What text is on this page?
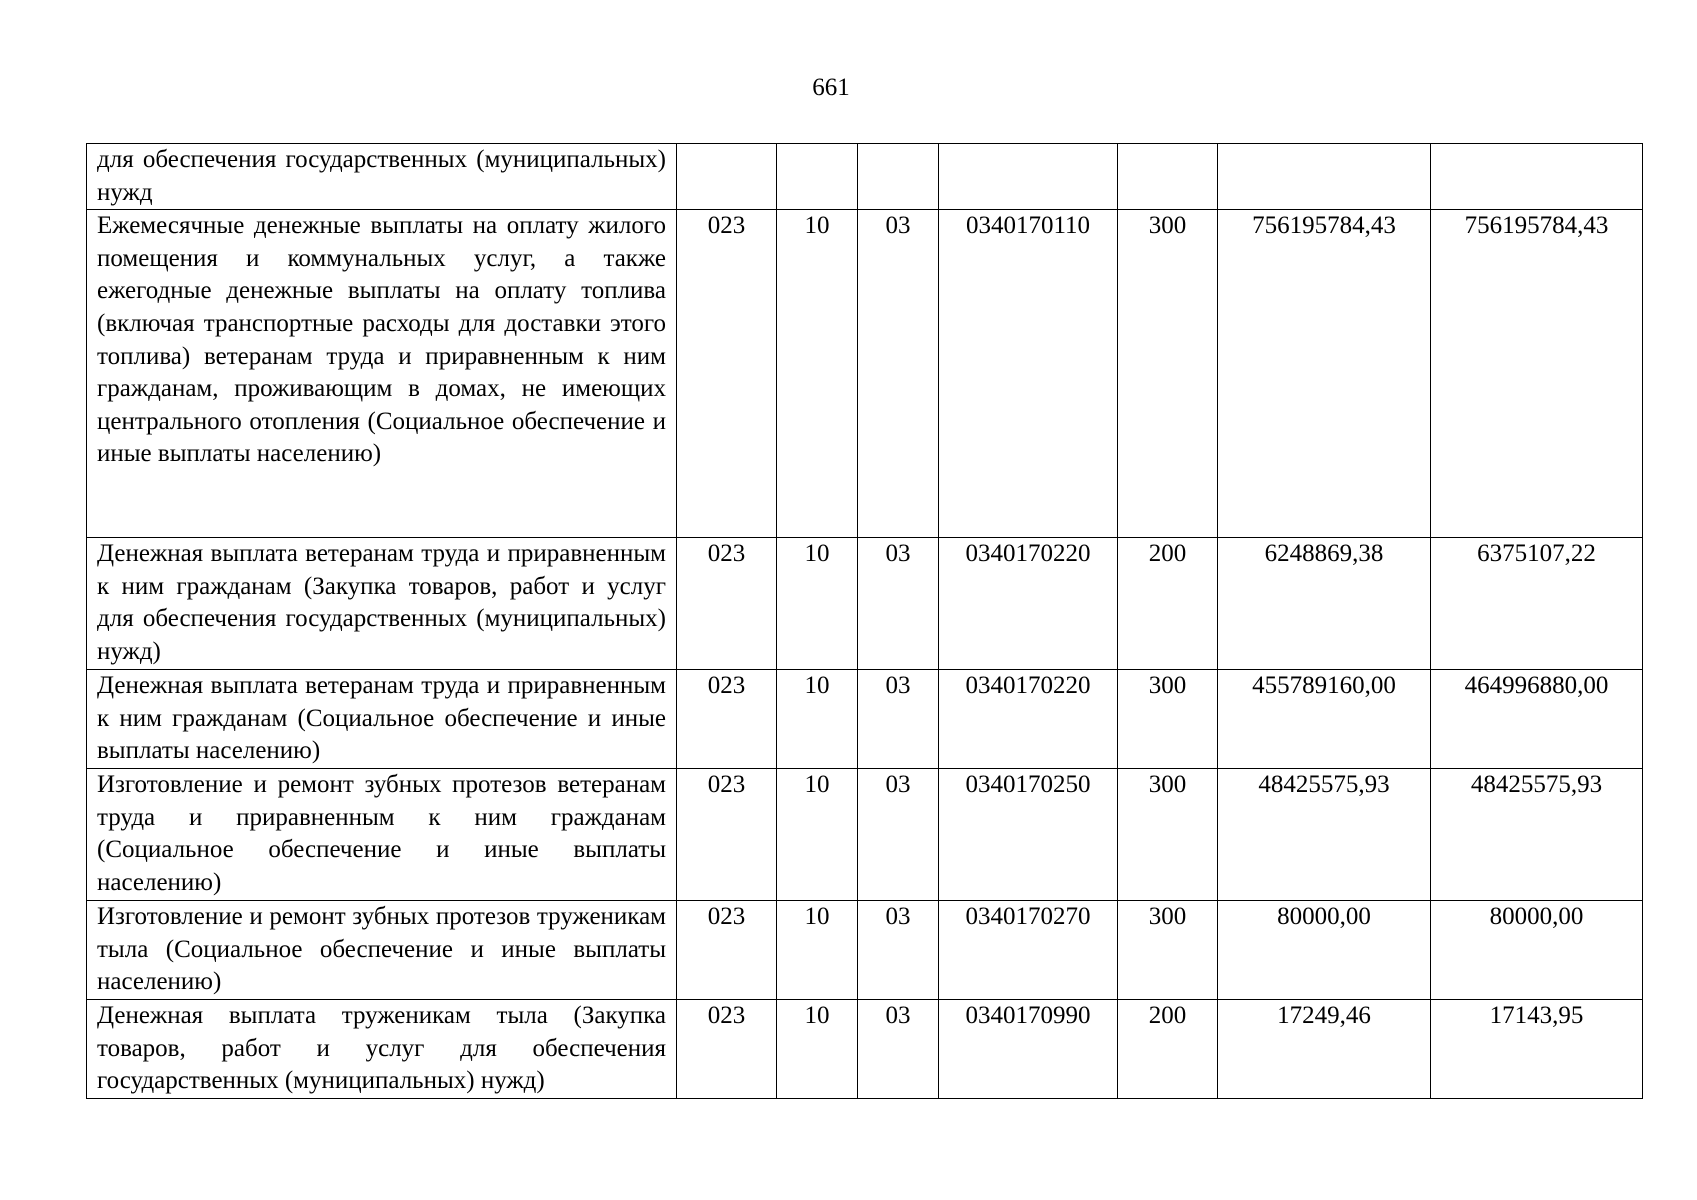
661
для обеспечения государственных (муниципальных) нужд							
Ежемесячные денежные выплаты на оплату жилого помещения и коммунальных услуг, а также ежегодные денежные выплаты на оплату топлива (включая транспортные расходы для доставки этого топлива) ветеранам труда и приравненным к ним гражданам, проживающим в домах, не имеющих центрального отопления (Социальное обеспечение и иные выплаты населению)	023	10	03	0340170110	300	756195784,43	756195784,43
Денежная выплата ветеранам труда и приравненным к ним гражданам (Закупка товаров, работ и услуг для обеспечения государственных (муниципальных) нужд)	023	10	03	0340170220	200	6248869,38	6375107,22
Денежная выплата ветеранам труда и приравненным к ним гражданам (Социальное обеспечение и иные выплаты населению)	023	10	03	0340170220	300	455789160,00	464996880,00
Изготовление и ремонт зубных протезов ветеранам труда и приравненным к ним гражданам (Социальное обеспечение и иные выплаты населению)	023	10	03	0340170250	300	48425575,93	48425575,93
Изготовление и ремонт зубных протезов труженикам тыла (Социальное обеспечение и иные выплаты населению)	023	10	03	0340170270	300	80000,00	80000,00
Денежная выплата труженикам тыла (Закупка товаров, работ и услуг для обеспечения государственных (муниципальных) нужд)	023	10	03	0340170990	200	17249,46	17143,95
